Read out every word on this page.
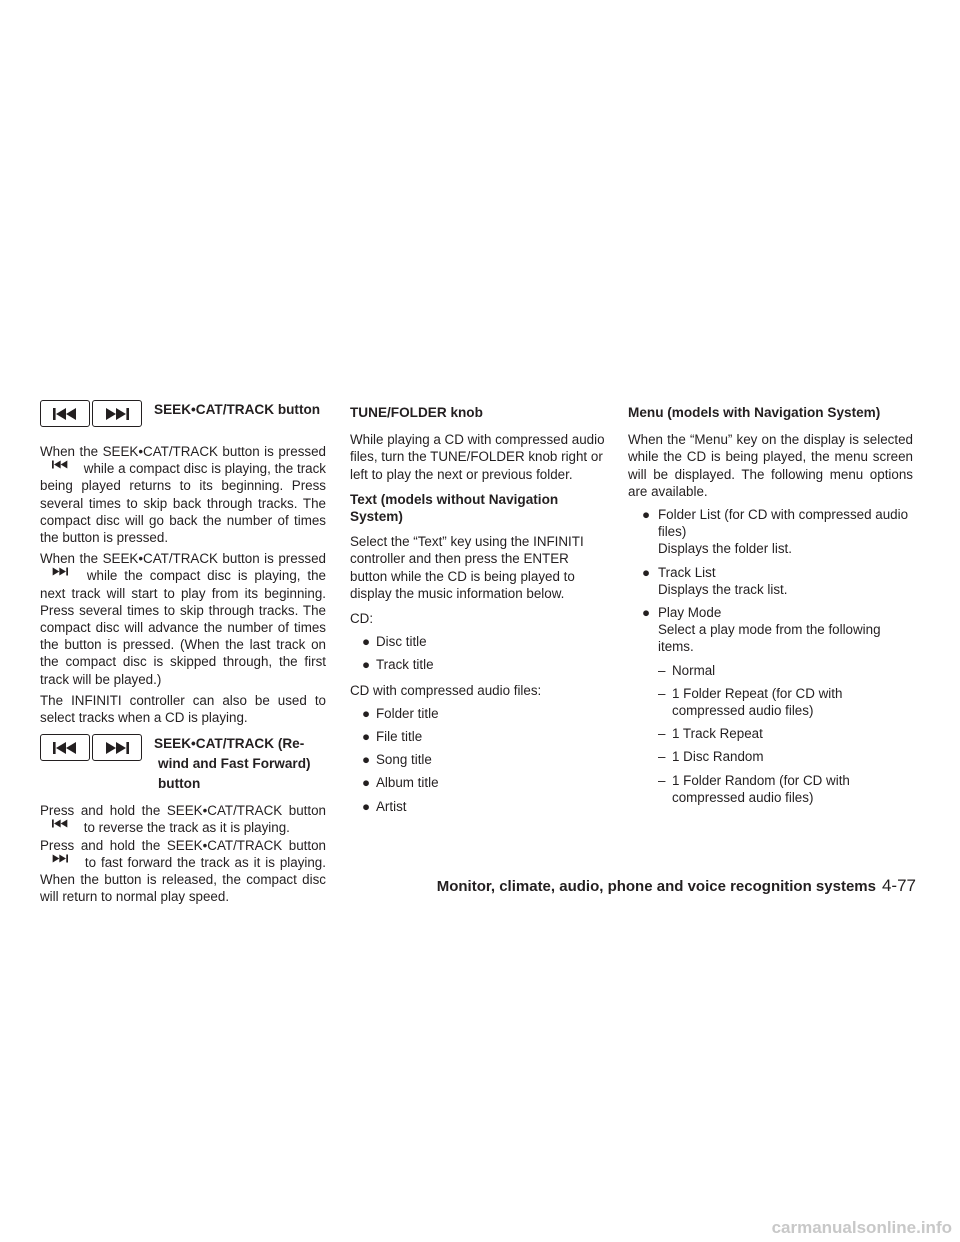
SEEK•CAT/TRACK button

When the SEEK•CAT/TRACK button is pressed  while a compact disc is playing, the track being played returns to its beginning. Press several times to skip back through tracks. The compact disc will go back the number of times the button is pressed.

When the SEEK•CAT/TRACK button is pressed  while the compact disc is playing, the next track will start to play from its beginning. Press several times to skip through tracks. The compact disc will advance the number of times the button is pressed. (When the last track on the compact disc is skipped through, the first track will be played.)

The INFINITI controller can also be used to select tracks when a CD is playing.

SEEK•CAT/TRACK (Re-
wind and Fast Forward)
button

Press and hold the SEEK•CAT/TRACK button  to reverse the track as it is playing.

Press and hold the SEEK•CAT/TRACK button  to fast forward the track as it is playing. When the button is released, the compact disc will return to normal play speed.

TUNE/FOLDER knob

While playing a CD with compressed audio files, turn the TUNE/FOLDER knob right or left to play the next or previous folder.

Text (models without Navigation System)

Select the “Text” key using the INFINITI controller and then press the ENTER button while the CD is being played to display the music information below.

CD:

● Disc title
● Track title

CD with compressed audio files:

● Folder title
● File title
● Song title
● Album title
● Artist

Menu (models with Navigation System)

When the “Menu” key on the display is selected while the CD is being played, the menu screen will be displayed. The following menu options are available.

● Folder List (for CD with compressed audio files)
Displays the folder list.
● Track List
Displays the track list.
● Play Mode
Select a play mode from the following items.
– Normal
– 1 Folder Repeat (for CD with compressed audio files)
– 1 Track Repeat
– 1 Disc Random
– 1 Folder Random (for CD with compressed audio files)
Monitor, climate, audio, phone and voice recognition systems 4-77
carmanualsonline.info
